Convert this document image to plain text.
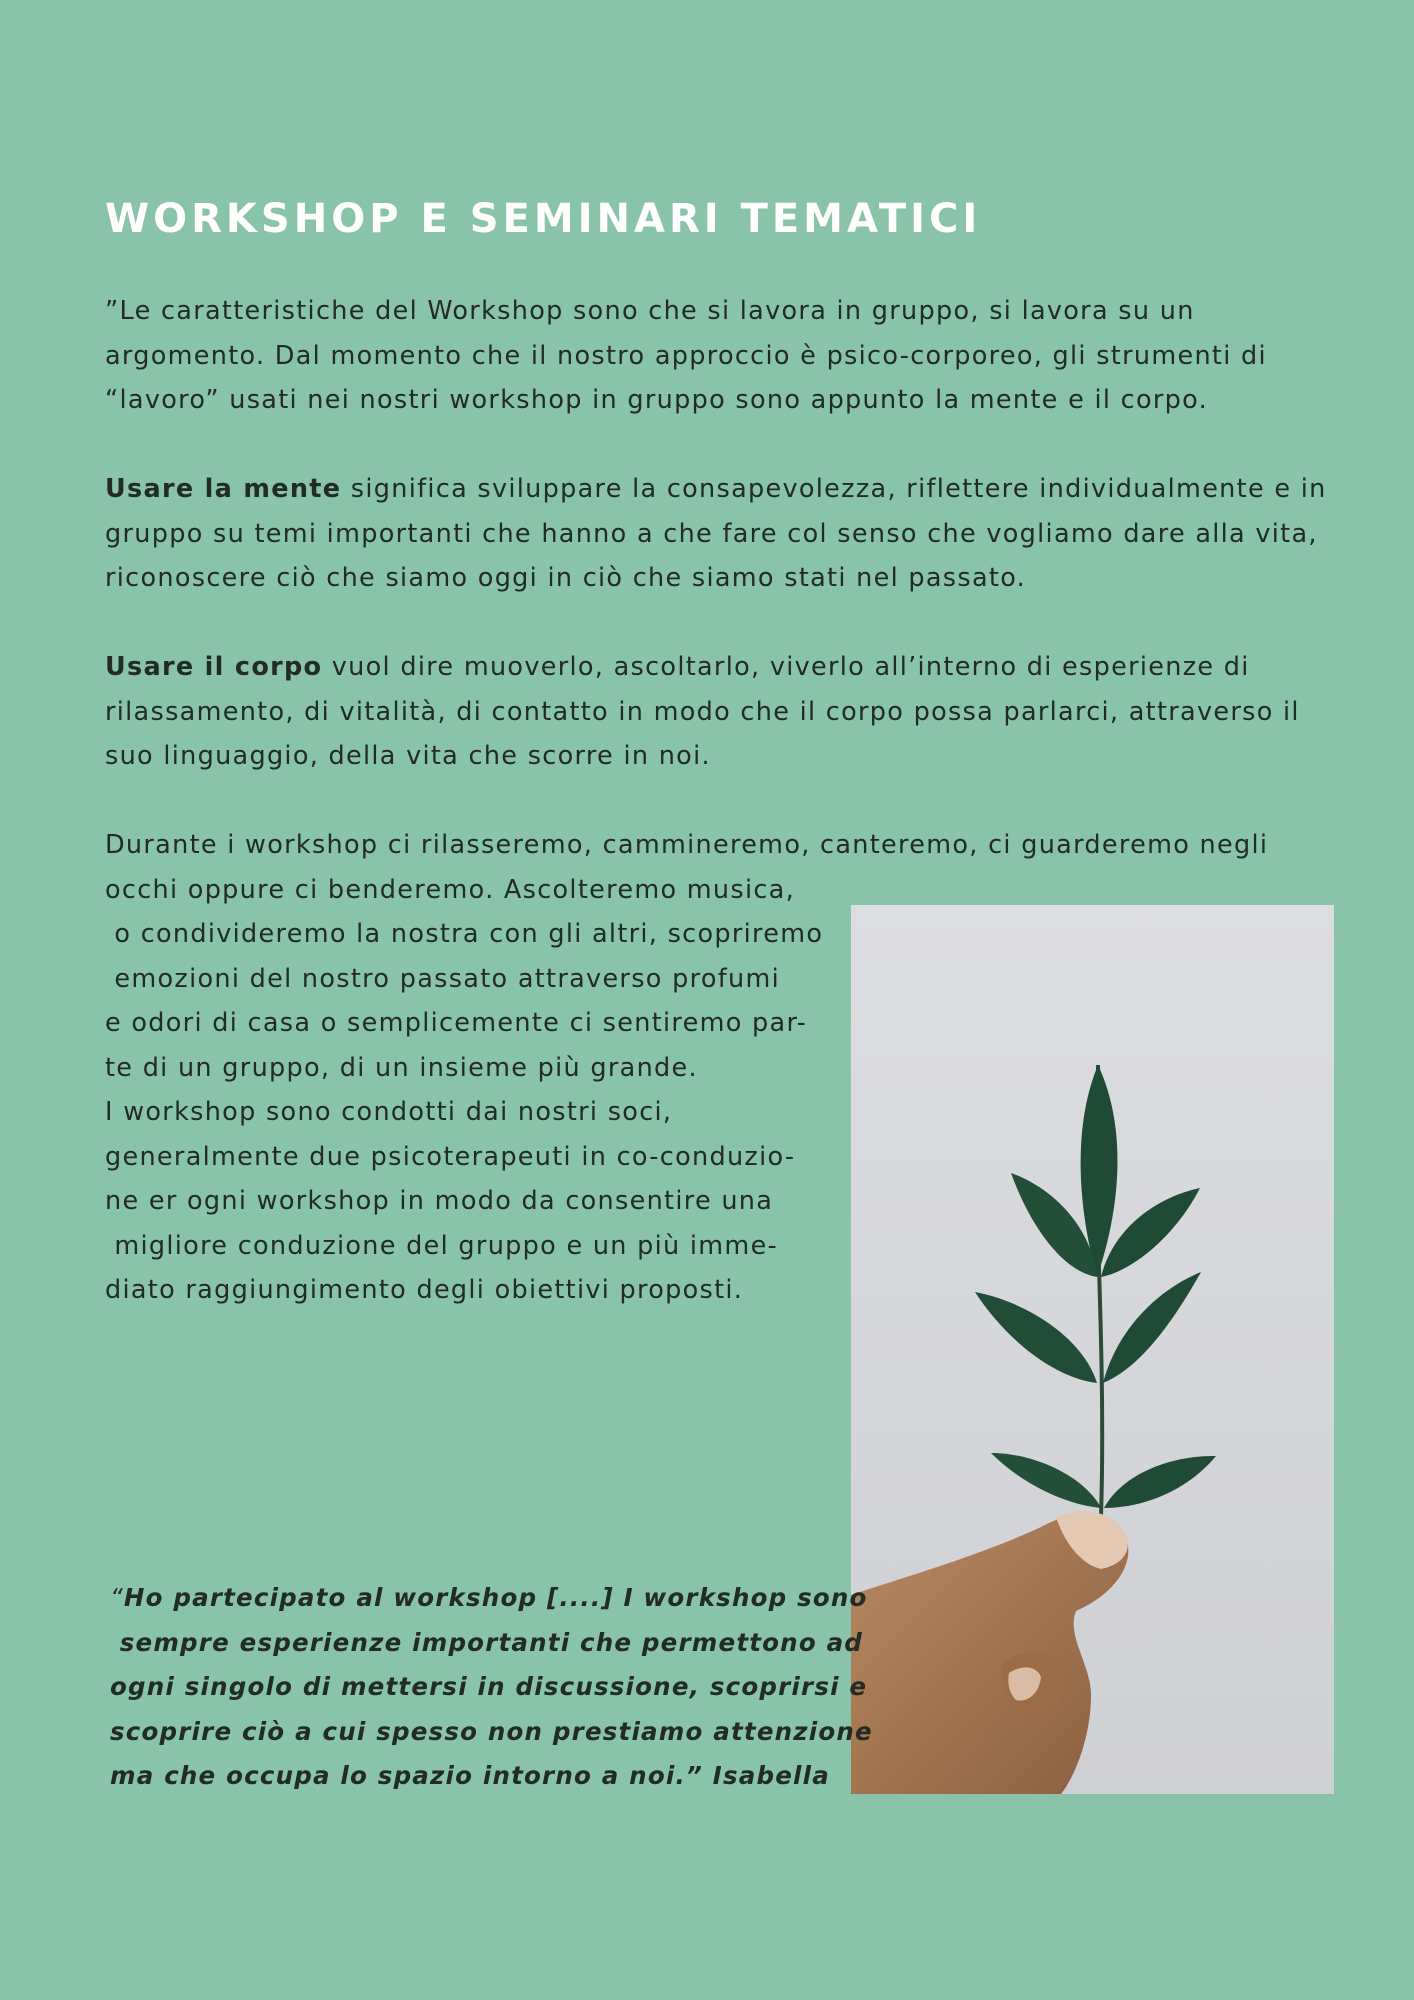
WORKSHOP E SEMINARI TEMATICI

”Le caratteristiche del Workshop sono che si lavora in gruppo, si lavora su un
argomento. Dal momento che il nostro approccio è psico-corporeo, gli strumenti di
“lavoro” usati nei nostri workshop in gruppo sono appunto la mente e il corpo.

Usare la mente significa sviluppare la consapevolezza, riflettere individualmente e in
gruppo su temi importanti che hanno a che fare col senso che vogliamo dare alla vita,
riconoscere ciò che siamo oggi in ciò che siamo stati nel passato.

Usare il corpo vuol dire muoverlo, ascoltarlo, viverlo all’interno di esperienze di
rilassamento, di vitalità, di contatto in modo che il corpo possa parlarci, attraverso il
suo linguaggio, della vita che scorre in noi.

Durante i workshop ci rilasseremo, cammineremo, canteremo, ci guarderemo negli
occhi oppure ci benderemo. Ascolteremo musica,
o condivideremo la nostra con gli altri, scopriremo
emozioni del nostro passato attraverso profumi
e odori di casa o semplicemente ci sentiremo par-
te di un gruppo, di un insieme più grande.
I workshop sono condotti dai nostri soci,
generalmente due psicoterapeuti in co-conduzio-
ne er ogni workshop in modo da consentire una
migliore conduzione del gruppo e un più imme-
diato raggiungimento degli obiettivi proposti.

“Ho partecipato al workshop [....] I workshop sono
sempre esperienze importanti che permettono ad
ogni singolo di mettersi in discussione, scoprirsi e
scoprire ciò a cui spesso non prestiamo attenzione
ma che occupa lo spazio intorno a noi.” Isabella
